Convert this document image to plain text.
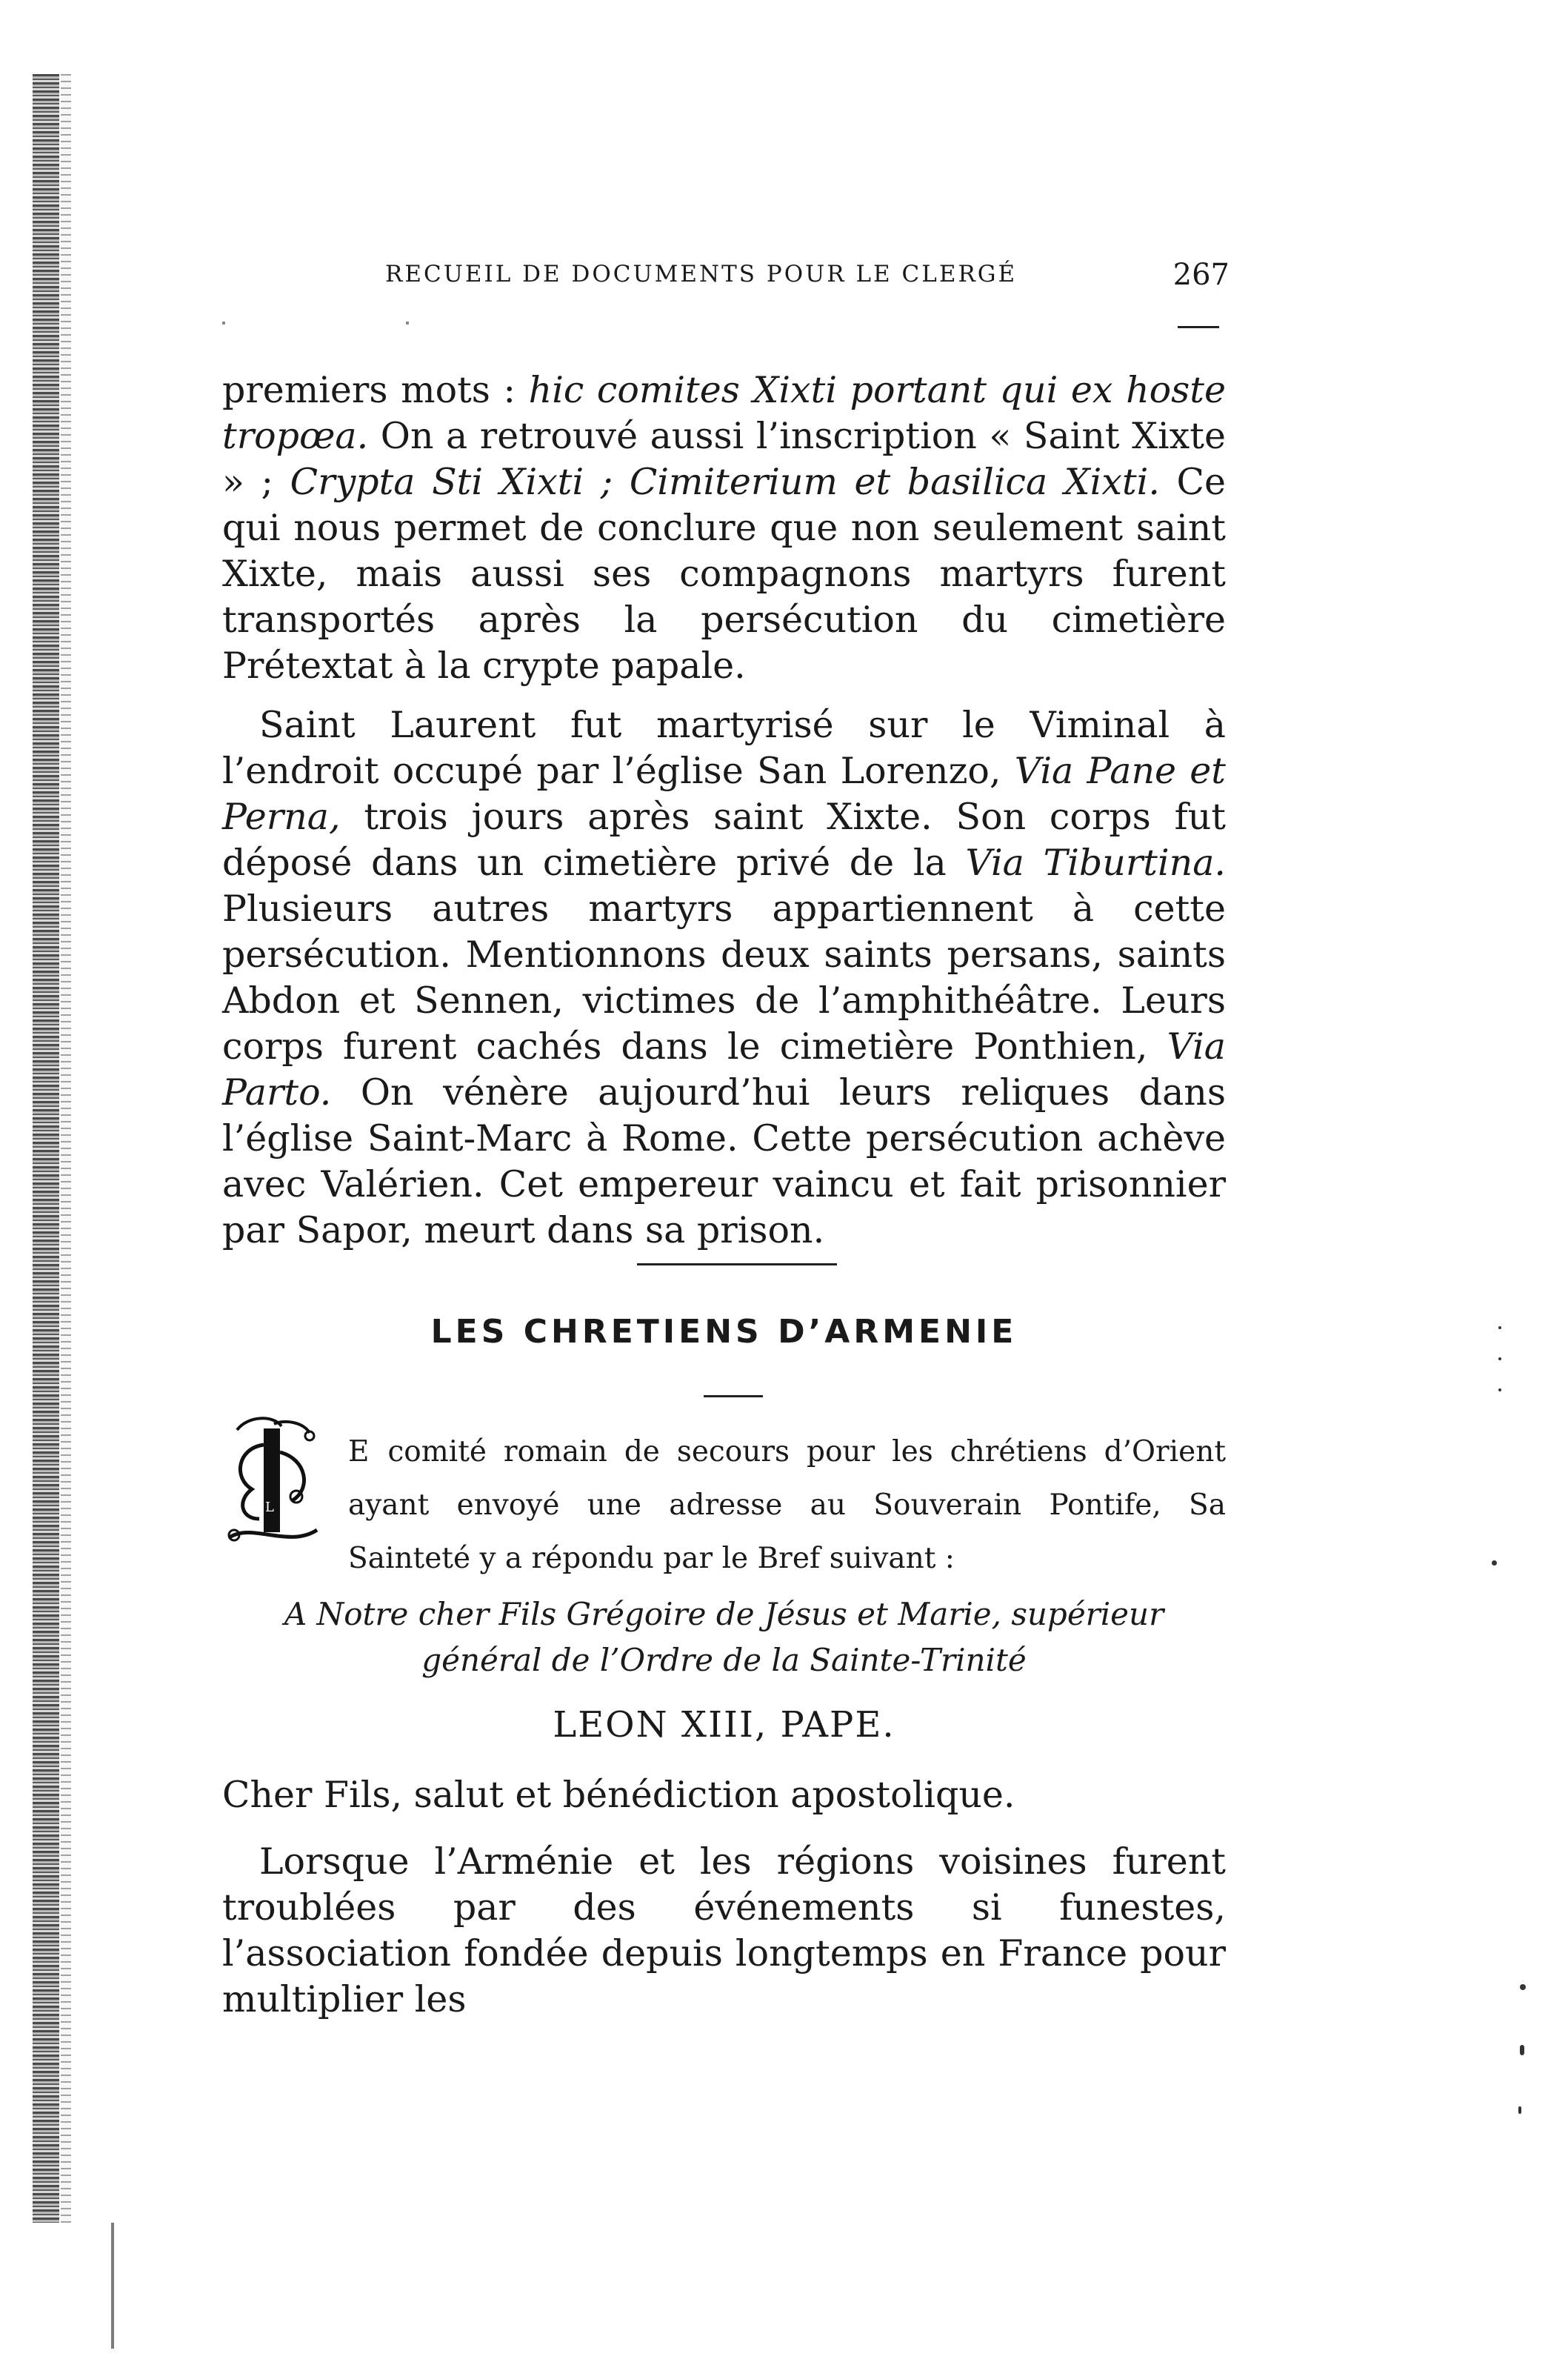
RECUEIL DE DOCUMENTS POUR LE CLERGÉ	267

premiers mots : hic comites Xixti portant qui ex hoste tropœa. On a retrouvé aussi l’inscription « Saint Xixte » ; Crypta Sti Xixti ; Cimiterium et basilica Xixti. Ce qui nous permet de conclure que non seulement saint Xixte, mais aussi ses compagnons martyrs furent transportés après la persécution du cimetière Prétextat à la crypte papale.

Saint Laurent fut martyrisé sur le Viminal à l’endroit occupé par l’église San Lorenzo, Via Pane et Perna, trois jours après saint Xixte. Son corps fut déposé dans un cimetière privé de la Via Tiburtina. Plusieurs autres martyrs appartiennent à cette persécution. Mentionnons deux saints persans, saints Abdon et Sennen, victimes de l’amphithéâtre. Leurs corps furent cachés dans le cimetière Ponthien, Via Parto. On vénère aujourd’hui leurs reliques dans l’église Saint-Marc à Rome. Cette persécution achève avec Valérien. Cet empereur vaincu et fait prisonnier par Sapor, meurt dans sa prison.

LES CHRETIENS D’ARMENIE
L
E comité romain de secours pour les chrétiens d’Orient ayant envoyé une adresse au Souverain Pontife, Sa Sainteté y a répondu par le Bref suivant :
A Notre cher Fils Grégoire de Jésus et Marie, supérieur
général de l’Ordre de la Sainte-Trinité
LEON XIII, PAPE.
Cher Fils, salut et bénédiction apostolique.

Lorsque l’Arménie et les régions voisines furent troublées par des événements si funestes, l’association fondée depuis longtemps en France pour multiplier les
